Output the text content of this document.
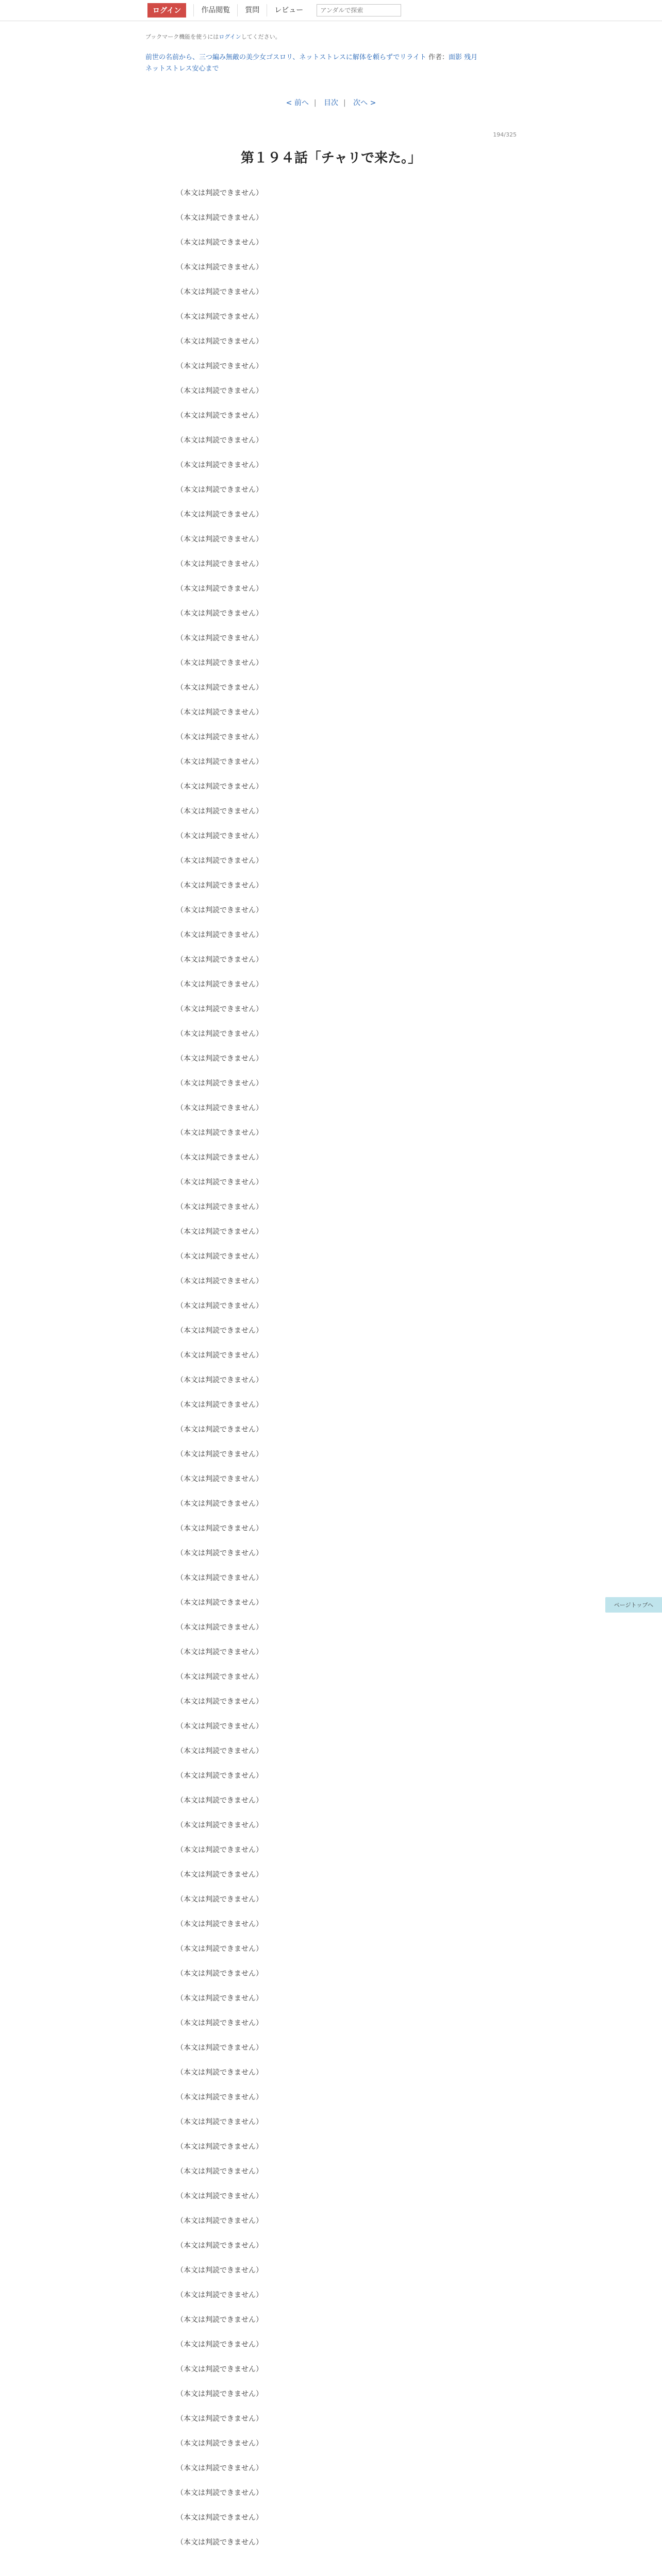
ログイン	作品閲覧	質問	レビュー
アンダルで探索
ブックマーク機能を使うにはログインしてください。
前世の名前から、三つ編み無敵の美少女ゴスロリ、ネットストレスに解体を頼らずでリライト 作者：面影 残月
ネットストレス安心まで
< 前へ | 目次 | 次へ >
194/325
第１９４話「チャリで来た。」

（本文は判読できません）

（本文は判読できません）

（本文は判読できません）

（本文は判読できません）

（本文は判読できません）

（本文は判読できません）

（本文は判読できません）

（本文は判読できません）

（本文は判読できません）

（本文は判読できません）

（本文は判読できません）

（本文は判読できません）

（本文は判読できません）

（本文は判読できません）

（本文は判読できません）

（本文は判読できません）

（本文は判読できません）

（本文は判読できません）

（本文は判読できません）

（本文は判読できません）

（本文は判読できません）

（本文は判読できません）

（本文は判読できません）

（本文は判読できません）

（本文は判読できません）

（本文は判読できません）

（本文は判読できません）

（本文は判読できません）

（本文は判読できません）

（本文は判読できません）

（本文は判読できません）

（本文は判読できません）

（本文は判読できません）

（本文は判読できません）

（本文は判読できません）

（本文は判読できません）

（本文は判読できません）

（本文は判読できません）

（本文は判読できません）

（本文は判読できません）

（本文は判読できません）

（本文は判読できません）

（本文は判読できません）

（本文は判読できません）

（本文は判読できません）

（本文は判読できません）

（本文は判読できません）

（本文は判読できません）

（本文は判読できません）

（本文は判読できません）

（本文は判読できません）

（本文は判読できません）

（本文は判読できません）

（本文は判読できません）

（本文は判読できません）

（本文は判読できません）

（本文は判読できません）

（本文は判読できません）

（本文は判読できません）

（本文は判読できません）

（本文は判読できません）

（本文は判読できません）

（本文は判読できません）

（本文は判読できません）

（本文は判読できません）

（本文は判読できません）

（本文は判読できません）

（本文は判読できません）

（本文は判読できません）

（本文は判読できません）

（本文は判読できません）

（本文は判読できません）

（本文は判読できません）

（本文は判読できません）

（本文は判読できません）

（本文は判読できません）

（本文は判読できません）

（本文は判読できません）

（本文は判読できません）

（本文は判読できません）

（本文は判読できません）

（本文は判読できません）

（本文は判読できません）

（本文は判読できません）

（本文は判読できません）

（本文は判読できません）

（本文は判読できません）

（本文は判読できません）

（本文は判読できません）

（本文は判読できません）

（本文は判読できません）

（本文は判読できません）

（本文は判読できません）

（本文は判読できません）

（本文は判読できません）

（本文は判読できません）

ページトップへ
